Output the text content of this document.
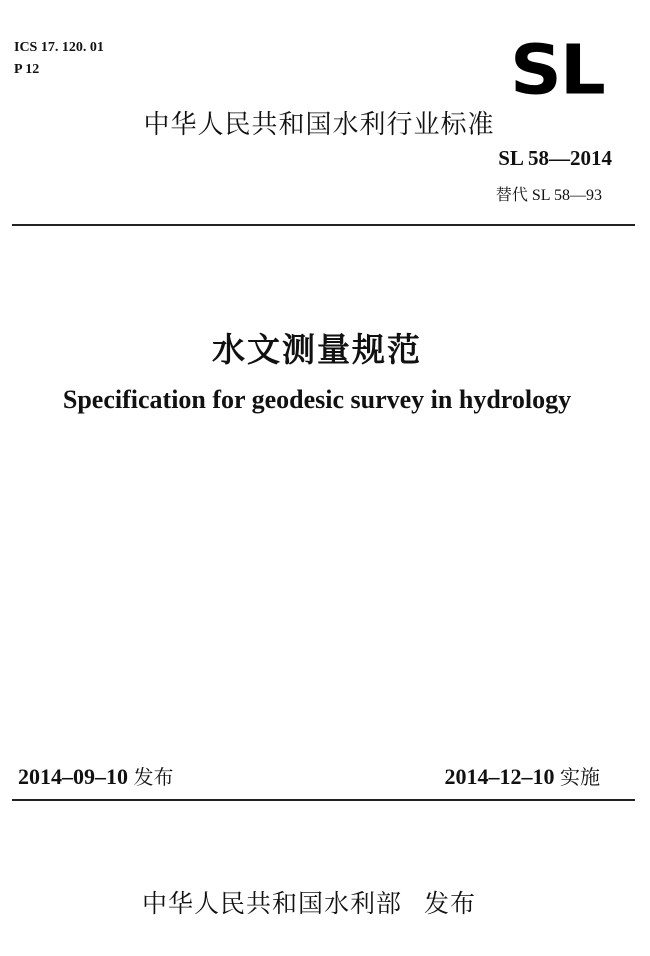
ICS 17. 120. 01
P 12	SL
中华人民共和国水利行业标准
SL 58—2014
替代 SL 58—93
水文测量规范
Specification for geodesic survey in hydrology
2014–09–10 发布	2014–12–10 实施
中华人民共和国水利部 发布
